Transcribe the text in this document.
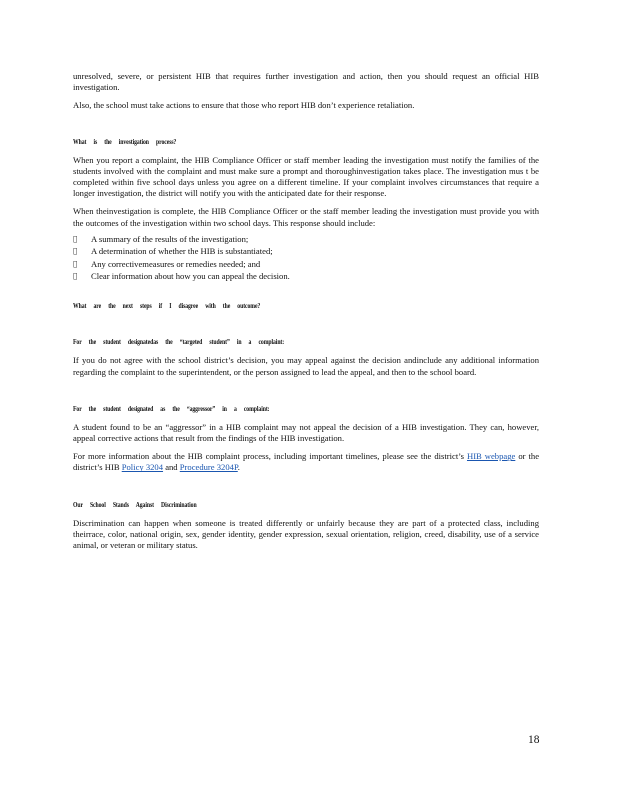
unresolved, severe, or persistent HIB that requires further investigation and action, then you should request an official HIB investigation.

Also, the school must take actions to ensure that those who report HIB don’t experience retaliation.

What is the investigation process?

When you report a complaint, the HIB Compliance Officer or staff member leading the investigation must notify the families of the students involved with the complaint and must make sure a prompt and thoroughinvestigation takes place. The investigation mus t be completed within five school days unless you agree on a different timeline. If your complaint involves circumstances that require a longer investigation, the district will notify you with the anticipated date for their response.

When theinvestigation is complete, the HIB Compliance Officer or the staff member leading the investigation must provide you with the outcomes of the investigation within two school days. This response should include:

A summary of the results of the investigation;
A determination of whether the HIB is substantiated;
Any correctivemeasures or remedies needed; and
Clear information about how you can appeal the decision.
What are the next steps if I disagree with the outcome?
For the student designatedas the “targeted student” in a complaint:

If you do not agree with the school district’s decision, you may appeal against the decision andinclude any additional information regarding the complaint to the superintendent, or the person assigned to lead the appeal, and then to the school board.

For the student designated as the “aggressor” in a complaint:

A student found to be an “aggressor” in a HIB complaint may not appeal the decision of a HIB investigation. They can, however, appeal corrective actions that result from the findings of the HIB investigation.

For more information about the HIB complaint process, including important timelines, please see the district’s HIB webpage or the district’s HIB Policy 3204 and Procedure 3204P.

Our School Stands Against Discrimination

Discrimination can happen when someone is treated differently or unfairly because they are part of a protected class, including theirrace, color, national origin, sex, gender identity, gender expression, sexual orientation, religion, creed, disability, use of a service animal, or veteran or military status.

18
